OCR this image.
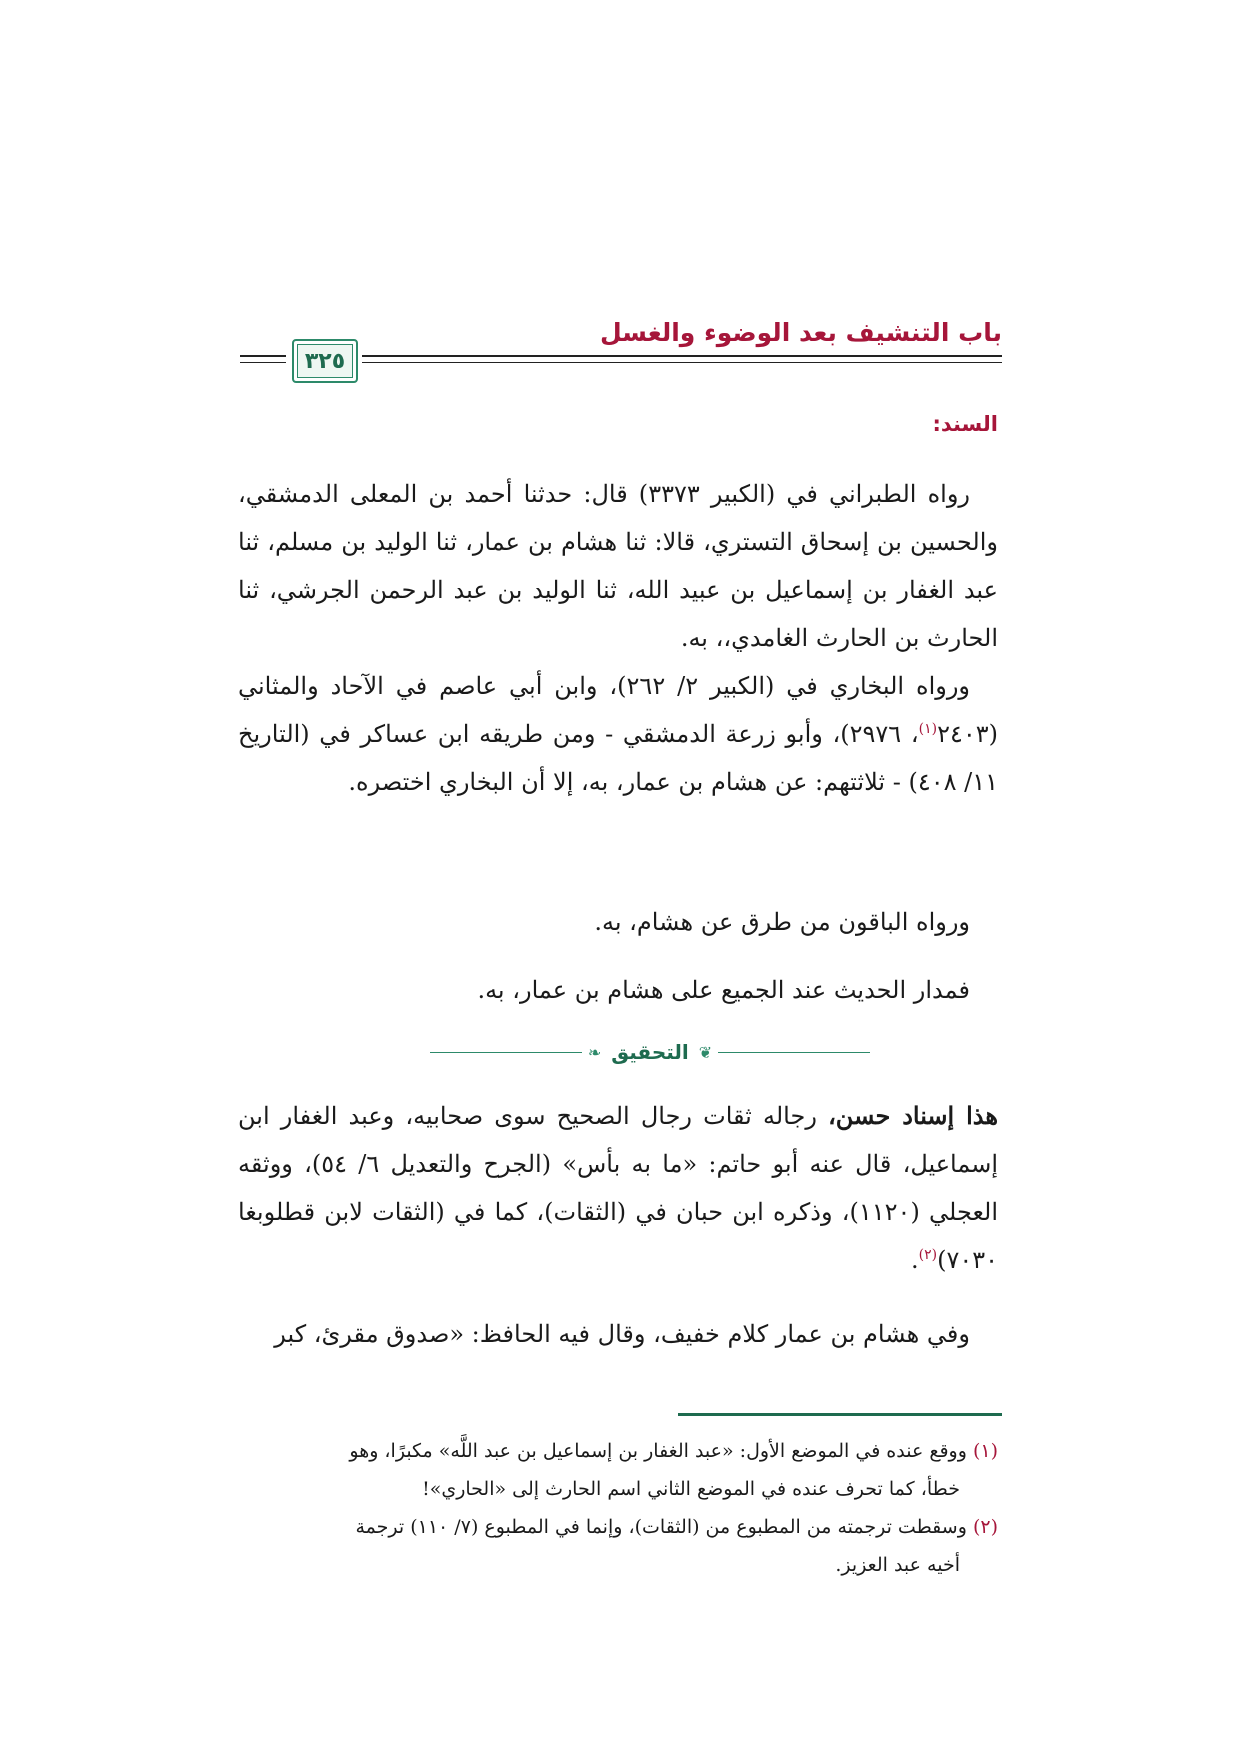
باب التنشيف بعد الوضوء والغسل
٣٢٥
السند:
رواه الطبراني في (الكبير ٣٣٧٣) قال: حدثنا أحمد بن المعلى الدمشقي، والحسين بن إسحاق التستري، قالا: ثنا هشام بن عمار، ثنا الوليد بن مسلم، ثنا عبد الغفار بن إسماعيل بن عبيد الله، ثنا الوليد بن عبد الرحمن الجرشي، ثنا الحارث بن الحارث الغامدي،، به.
ورواه البخاري في (الكبير ٢/ ٢٦٢)، وابن أبي عاصم في الآحاد والمثاني (٢٤٠٣$^{(١)}$، ٢٩٧٦)، وأبو زرعة الدمشقي - ومن طريقه ابن عساكر في (التاريخ ١١/ ٤٠٨) - ثلاثتهم: عن هشام بن عمار، به، إلا أن البخاري اختصره.
ورواه الباقون من طرق عن هشام، به.
فمدار الحديث عند الجميع على هشام بن عمار، به.
❦
التحقيق
❧
هذا إسناد حسن، رجاله ثقات رجال الصحيح سوى صحابيه، وعبد الغفار ابن إسماعيل، قال عنه أبو حاتم: «ما به بأس» (الجرح والتعديل ٦/ ٥٤)، ووثقه العجلي (١١٢٠)، وذكره ابن حبان في (الثقات)، كما في (الثقات لابن قطلوبغا ٧٠٣٠)$^{(٢)}$.
وفي هشام بن عمار كلام خفيف، وقال فيه الحافظ: «صدوق مقرئ، كبر
(١) ووقع عنده في الموضع الأول: «عبد الغفار بن إسماعيل بن عبد اللَّه» مكبرًا، وهو
خطأ، كما تحرف عنده في الموضع الثاني اسم الحارث إلى «الحاري»!
(٢) وسقطت ترجمته من المطبوع من (الثقات)، وإنما في المطبوع (٧/ ١١٠) ترجمة
أخيه عبد العزيز.
